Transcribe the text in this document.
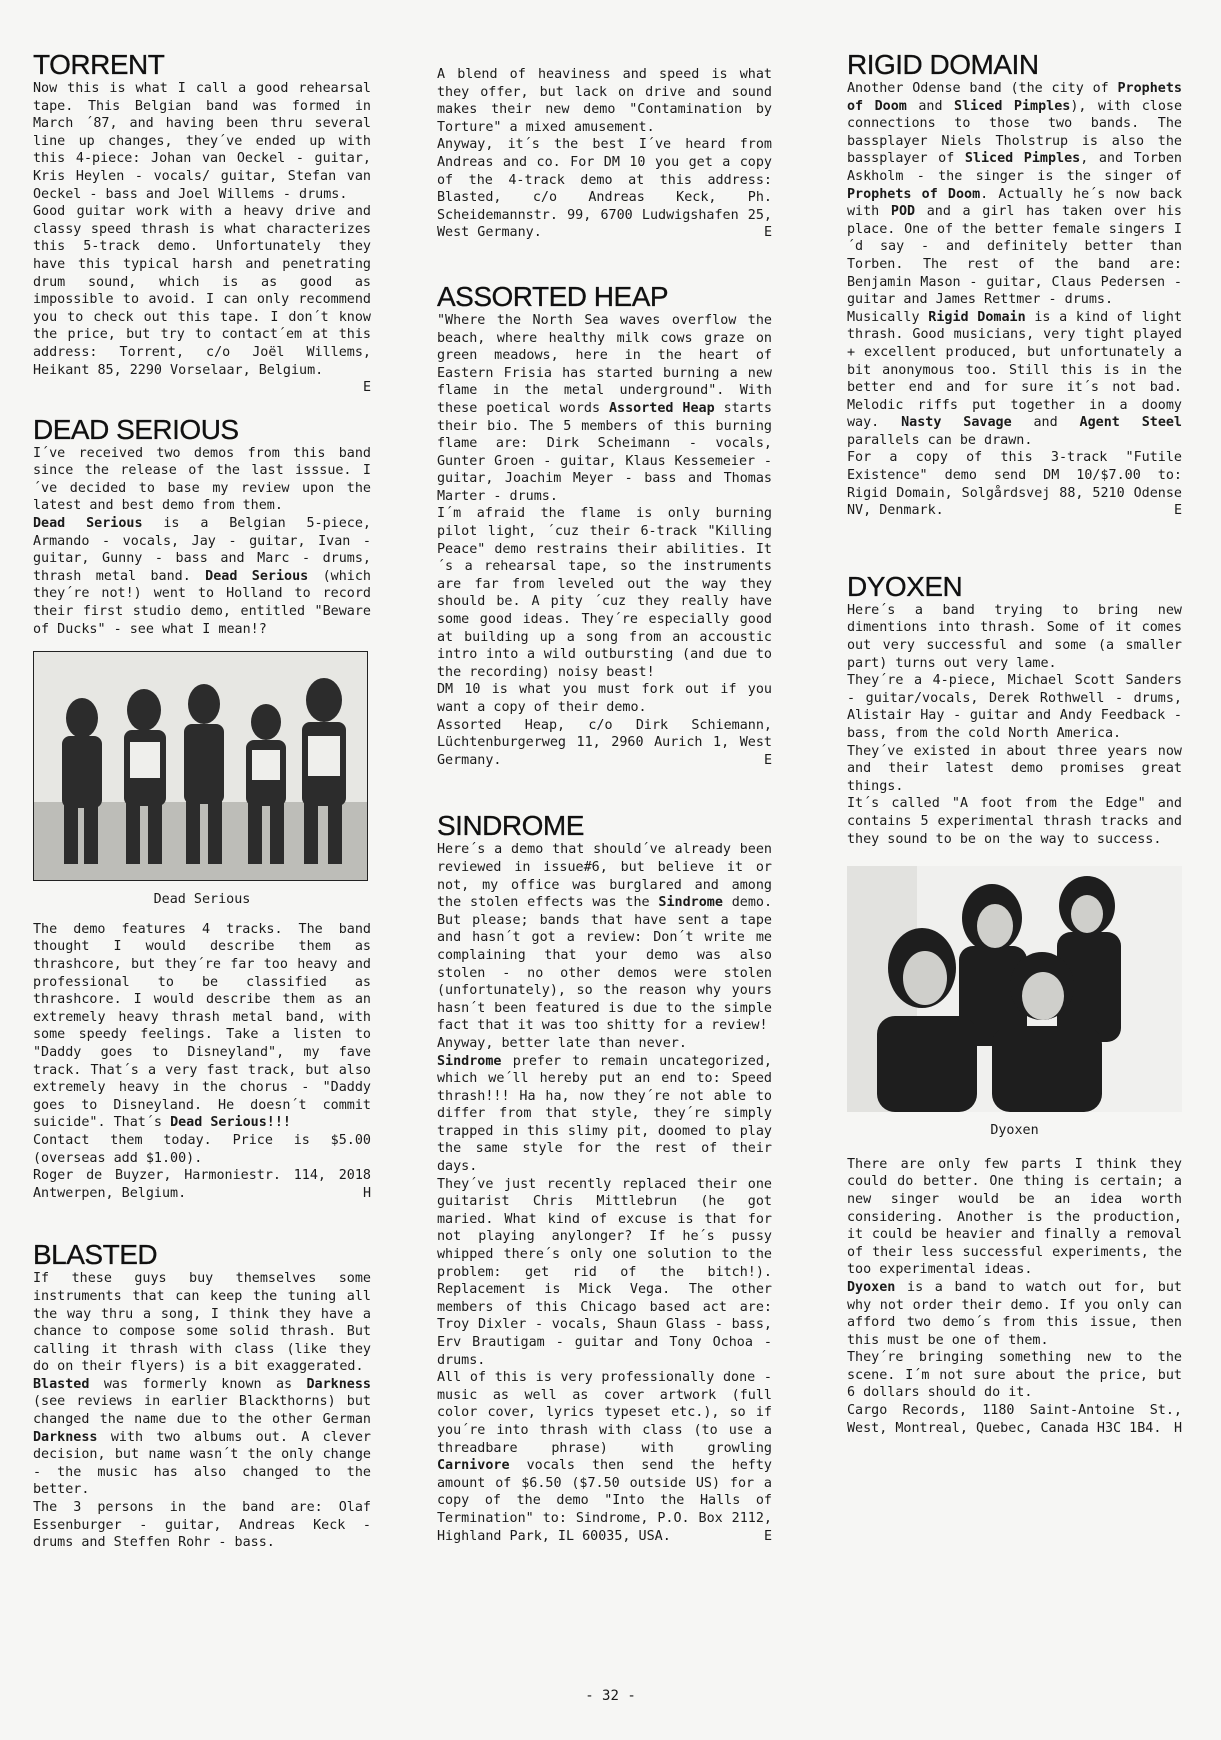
TORRENT

Now this is what I call a good rehearsal tape. This Belgian band was formed in March ´87, and having been thru several line up changes, they´ve ended up with this 4-piece: Johan van Oeckel - guitar, Kris Heylen - vocals/ guitar, Stefan van Oeckel - bass and Joel Willems - drums.

Good guitar work with a heavy drive and classy speed thrash is what characterizes this 5-track demo. Unfortunately they have this typical harsh and penetrating drum sound, which is as good as impossible to avoid. I can only recommend you to check out this tape. I don´t know the price, but try to contact´em at this address: Torrent, c/o Joël Willems, Heikant 85, 2290 Vorselaar, Belgium.

E

DEAD SERIOUS

I´ve received two demos from this band since the release of the last isssue. I´ve decided to base my review upon the latest and best demo from them.

Dead Serious is a Belgian 5-piece, Armando - vocals, Jay - guitar, Ivan - guitar, Gunny - bass and Marc - drums, thrash metal band. Dead Serious (which they´re not!) went to Holland to record their first studio demo, entitled "Beware of Ducks" - see what I mean!?

Dead Serious

The demo features 4 tracks. The band thought I would describe them as thrashcore, but they´re far too heavy and professional to be classified as thrashcore. I would describe them as an extremely heavy thrash metal band, with some speedy feelings. Take a listen to "Daddy goes to Disneyland", my fave track. That´s a very fast track, but also extremely heavy in the chorus - "Daddy goes to Disneyland. He doesn´t commit suicide". That´s Dead Serious!!!

Contact them today. Price is $5.00 (overseas add $1.00).

Roger de Buyzer, Harmoniestr. 114, 2018 Antwerpen, Belgium.	H

BLASTED

If these guys buy themselves some instruments that can keep the tuning all the way thru a song, I think they have a chance to compose some solid thrash. But calling it thrash with class (like they do on their flyers) is a bit exaggerated.

Blasted was formerly known as Darkness (see reviews in earlier Blackthorns) but changed the name due to the other German Darkness with two albums out. A clever decision, but name wasn´t the only change - the music has also changed to the better.

The 3 persons in the band are: Olaf Essenburger - guitar, Andreas Keck - drums and Steffen Rohr - bass.

A blend of heaviness and speed is what they offer, but lack on drive and sound makes their new demo "Contamination by Torture" a mixed amusement.

Anyway, it´s the best I´ve heard from Andreas and co. For DM 10 you get a copy of the 4-track demo at this address: Blasted, c/o Andreas Keck, Ph. Scheidemannstr. 99, 6700 Ludwigshafen 25, West Germany.	E

ASSORTED HEAP

"Where the North Sea waves overflow the beach, where healthy milk cows graze on green meadows, here in the heart of Eastern Frisia has started burning a new flame in the metal underground". With these poetical words Assorted Heap starts their bio. The 5 members of this burning flame are: Dirk Scheimann - vocals, Gunter Groen - guitar, Klaus Kessemeier - guitar, Joachim Meyer - bass and Thomas Marter - drums.

I´m afraid the flame is only burning pilot light, ´cuz their 6-track "Killing Peace" demo restrains their abilities. It´s a rehearsal tape, so the instruments are far from leveled out the way they should be. A pity ´cuz they really have some good ideas. They´re especially good at building up a song from an accoustic intro into a wild outbursting (and due to the recording) noisy beast!

DM 10 is what you must fork out if you want a copy of their demo.

Assorted Heap, c/o Dirk Schiemann, Lüchtenburgerweg 11, 2960 Aurich 1, West Germany.	E

SINDROME

Here´s a demo that should´ve already been reviewed in issue#6, but believe it or not, my office was burglared and among the stolen effects was the Sindrome demo. But please; bands that have sent a tape and hasn´t got a review: Don´t write me complaining that your demo was also stolen - no other demos were stolen (unfortunately), so the reason why yours hasn´t been featured is due to the simple fact that it was too shitty for a review!

Anyway, better late than never.

Sindrome prefer to remain uncategorized, which we´ll hereby put an end to: Speed thrash!!! Ha ha, now they´re not able to differ from that style, they´re simply trapped in this slimy pit, doomed to play the same style for the rest of their days.

They´ve just recently replaced their one guitarist Chris Mittlebrun (he got maried. What kind of excuse is that for not playing anylonger? If he´s pussy whipped there´s only one solution to the problem: get rid of the bitch!). Replacement is Mick Vega. The other members of this Chicago based act are: Troy Dixler - vocals, Shaun Glass - bass, Erv Brautigam - guitar and Tony Ochoa - drums.

All of this is very professionally done - music as well as cover artwork (full color cover, lyrics typeset etc.), so if you´re into thrash with class (to use a threadbare phrase) with growling Carnivore vocals then send the hefty amount of $6.50 ($7.50 outside US) for a copy of the demo "Into the Halls of Termination" to: Sindrome, P.O. Box 2112, Highland Park, IL 60035, USA.	E

RIGID DOMAIN

Another Odense band (the city of Prophets of Doom and Sliced Pimples), with close connections to those two bands. The bassplayer Niels Tholstrup is also the bassplayer of Sliced Pimples, and Torben Askholm - the singer is the singer of Prophets of Doom. Actually he´s now back with POD and a girl has taken over his place. One of the better female singers I´d say - and definitely better than Torben. The rest of the band are: Benjamin Mason - guitar, Claus Pedersen - guitar and James Rettmer - drums.

Musically Rigid Domain is a kind of light thrash. Good musicians, very tight played + excellent produced, but unfortunately a bit anonymous too. Still this is in the better end and for sure it´s not bad. Melodic riffs put together in a doomy way. Nasty Savage and Agent Steel parallels can be drawn.

For a copy of this 3-track "Futile Existence" demo send DM 10/$7.00 to: Rigid Domain, Solgårdsvej 88, 5210 Odense NV, Denmark.	E

DYOXEN

Here´s a band trying to bring new dimentions into thrash. Some of it comes out very successful and some (a smaller part) turns out very lame.

They´re a 4-piece, Michael Scott Sanders - guitar/vocals, Derek Rothwell - drums, Alistair Hay - guitar and Andy Feedback - bass, from the cold North America.

They´ve existed in about three years now and their latest demo promises great things.

It´s called "A foot from the Edge" and contains 5 experimental thrash tracks and they sound to be on the way to success.

Dyoxen

There are only few parts I think they could do better. One thing is certain; a new singer would be an idea worth considering. Another is the production, it could be heavier and finally a removal of their less successful experiments, the too experimental ideas.

Dyoxen is a band to watch out for, but why not order their demo. If you only can afford two demo´s from this issue, then this must be one of them.

They´re bringing something new to the scene. I´m not sure about the price, but 6 dollars should do it.

Cargo Records, 1180 Saint-Antoine St., West, Montreal, Quebec, Canada H3C 1B4. H

- 32 -
